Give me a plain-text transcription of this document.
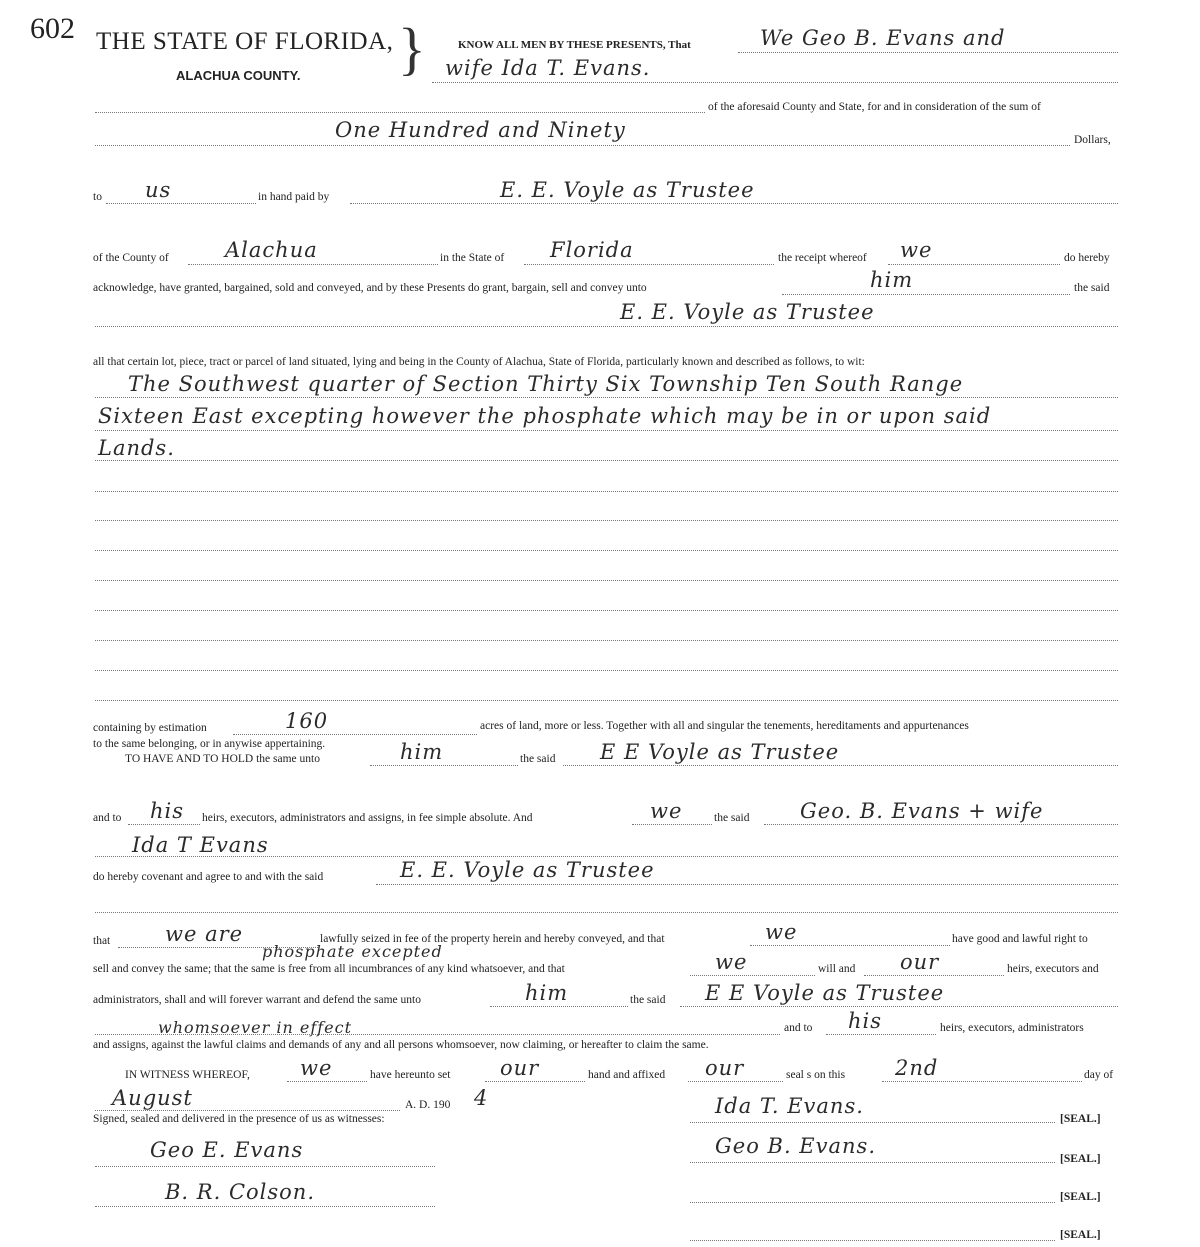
602 THE STATE OF FLORIDA,
ALACHUA COUNTY. }	KNOW ALL MEN BY THESE PRESENTS, That	We Geo B. Evans and
wife Ida T. Evans.
of the aforesaid County and State, for and in consideration of the sum of
One Hundred and Ninety	Dollars,
to us	in hand paid by	E. E. Voyle as Trustee
of the County of	Alachua	in the State of Florida	the receipt whereof we	do hereby
acknowledge, have granted, bargained, sold and conveyed, and by these Presents do grant, bargain, sell and convey unto	him	the said
E. E. Voyle as Trustee
all that certain lot, piece, tract or parcel of land situated, lying and being in the County of Alachua, State of Florida, particularly known and described as follows, to wit:
The Southwest quarter of Section Thirty Six Township Ten South Range
Sixteen East excepting however the phosphate which may be in or upon said
Lands.
containing by estimation	160	acres of land, more or less. Together with all and singular the tenements, hereditaments and appurtenances
to the same belonging, or in anywise appertaining.
TO HAVE AND TO HOLD the same unto	him	the said E E Voyle as Trustee
and to his heirs, executors, administrators and assigns, in fee simple absolute. And	we	the said Geo. B. Evans + wife
Ida T Evans
do hereby covenant and agree to and with the said	E. E. Voyle as Trustee
that	we are	lawfully seized in fee of the property herein and hereby conveyed, and that	we	have good and lawful right to
phosphate excepted
sell and convey the same; that the same is free from all incumbrances of any kind whatsoever, and that	we	will and our	heirs, executors and
administrators, shall and will forever warrant and defend the same unto	him	the said E E Voyle as Trustee
whomsoever in effect	and to his	heirs, executors, administrators
and assigns, against the lawful claims and demands of any and all persons whomsoever, now claiming, or hereafter to claim the same.
IN WITNESS WHEREOF, we	have hereunto set our	hand and affixed our	seal s on this 2nd	day of
August	A. D. 190 4
Signed, sealed and delivered in the presence of us as witnesses:
Geo E. Evans
B. R. Colson.
Ida T. Evans.
[SEAL.]
Geo B. Evans.
[SEAL.]
[SEAL.]
[SEAL.]
